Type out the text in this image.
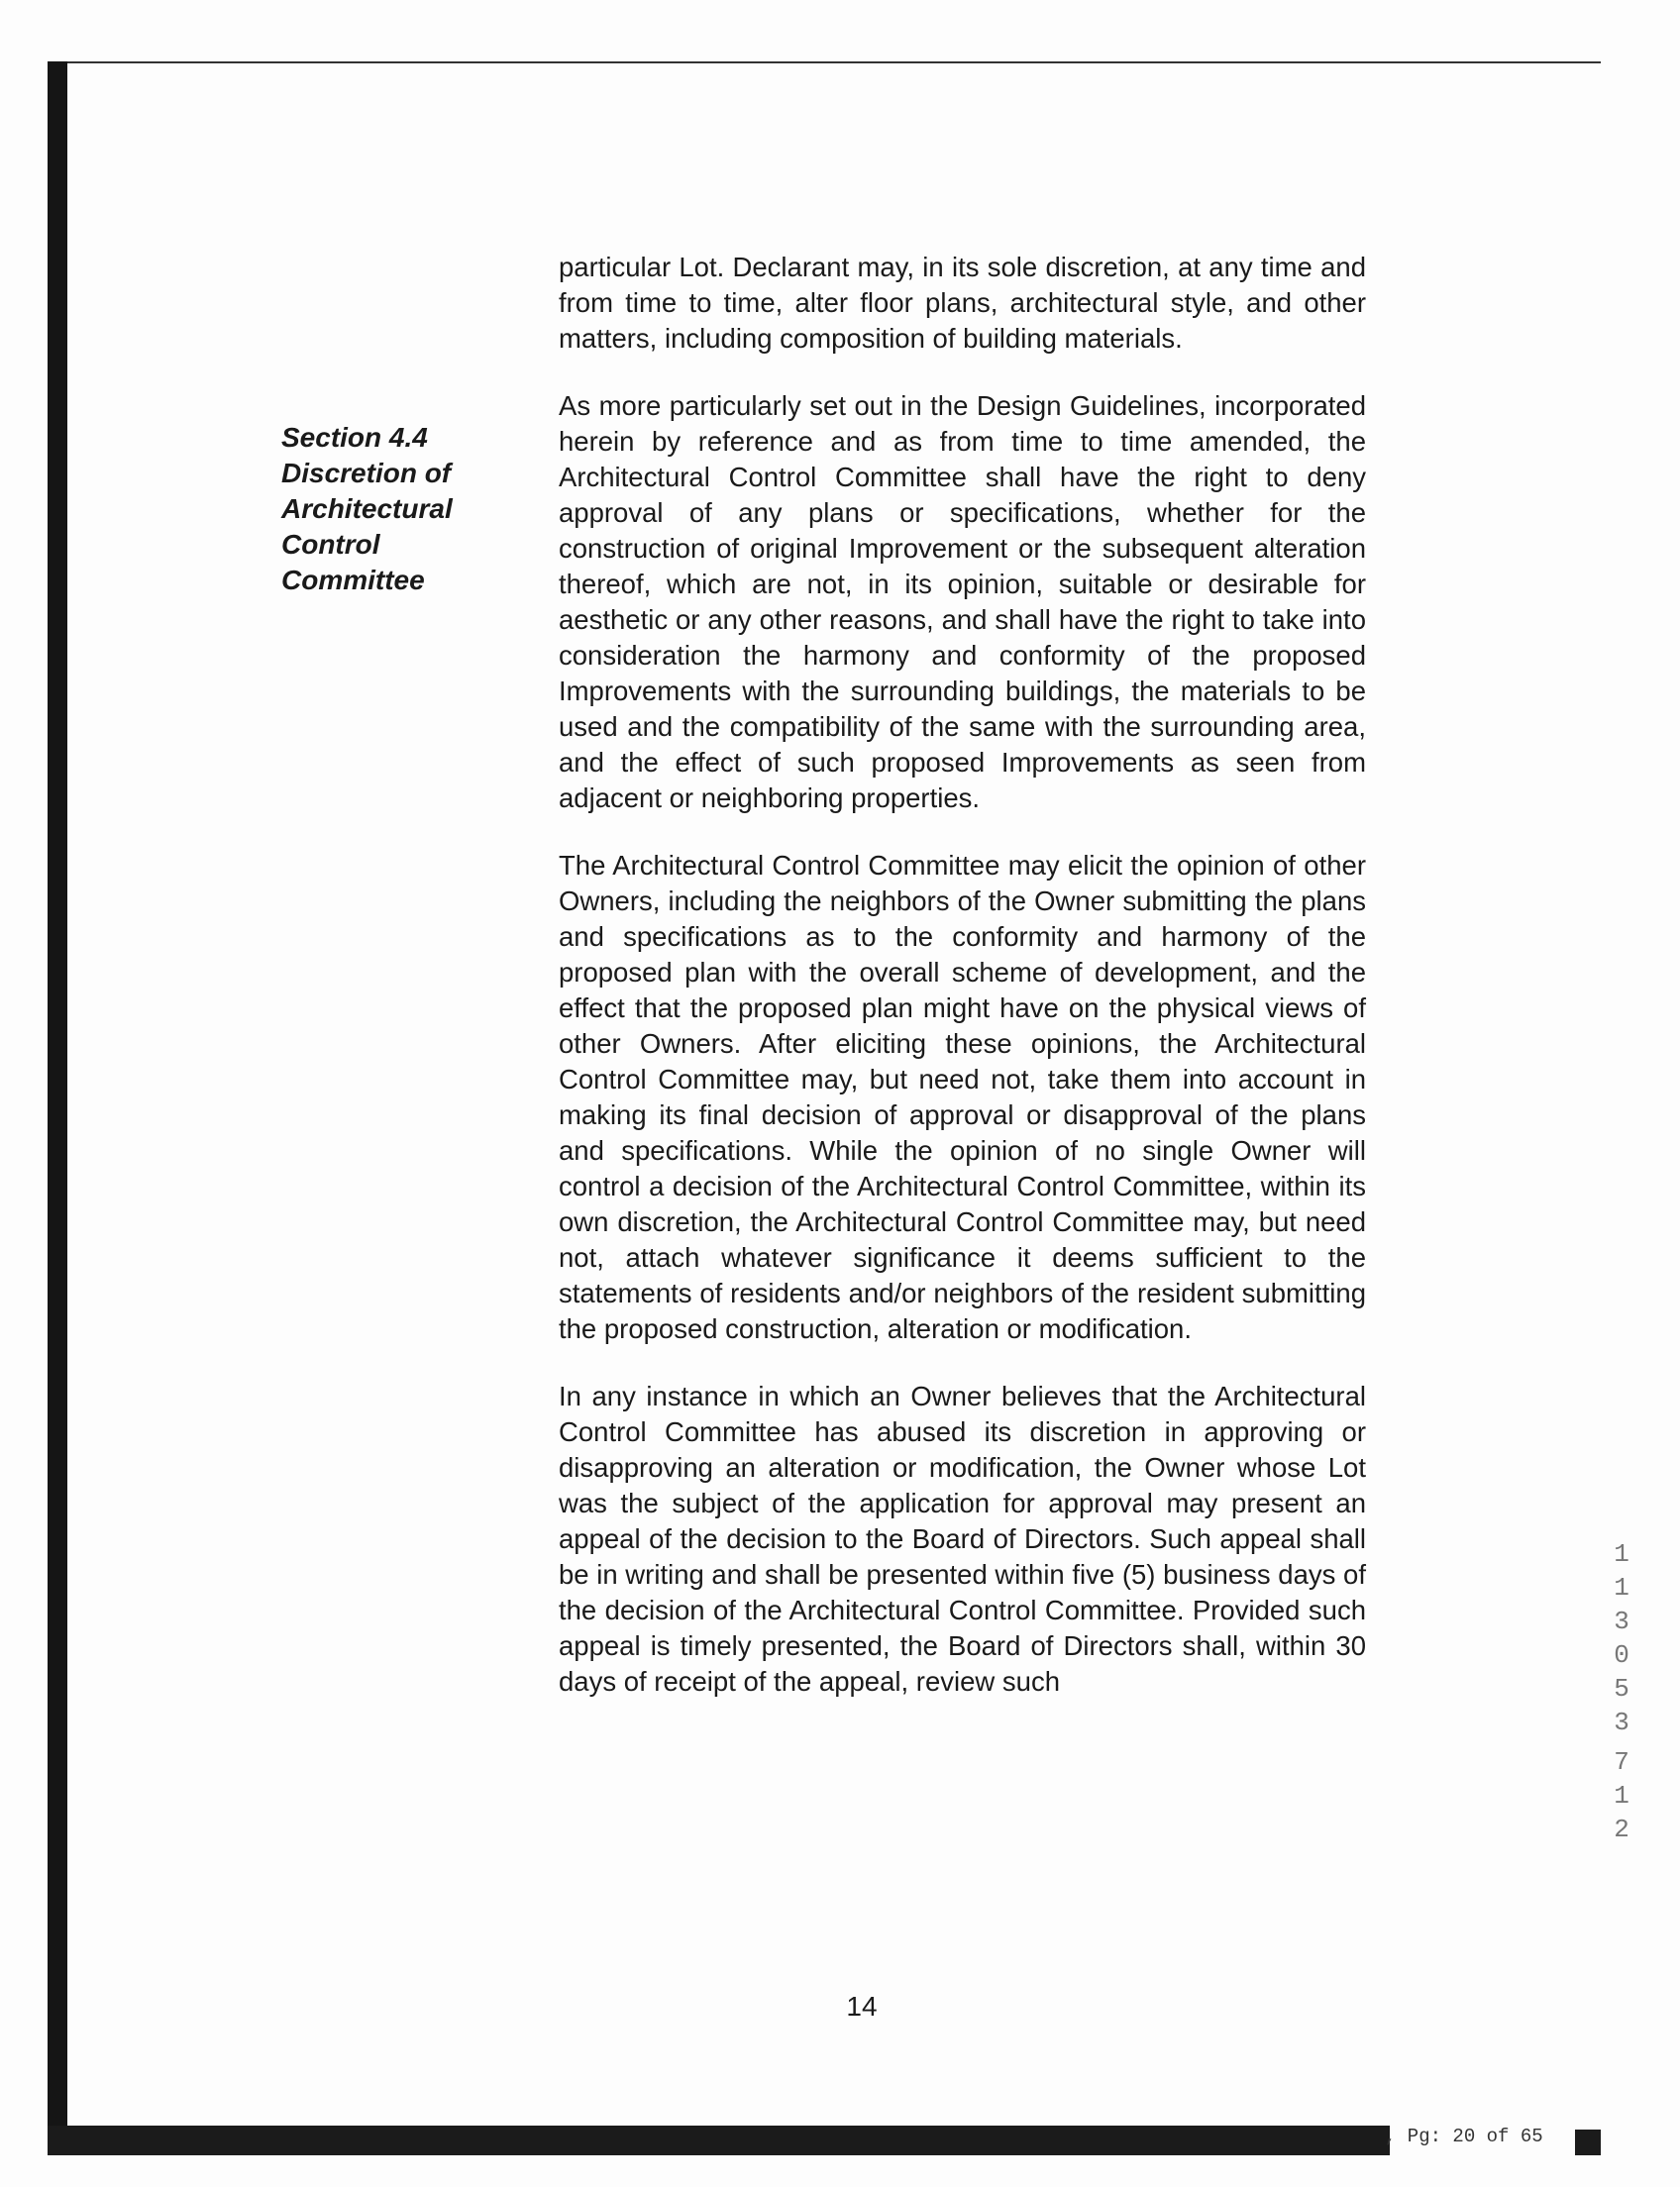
, Pg: 20 of 65
1
1
3
0
5
3
7
1
2
Section 4.4
Discretion of
Architectural
Control
Committee

particular Lot. Declarant may, in its sole discretion, at any time and from time to time, alter floor plans, architectural style, and other matters, including composition of building materials.

As more particularly set out in the Design Guidelines, incorporated herein by reference and as from time to time amended, the Architectural Control Committee shall have the right to deny approval of any plans or specifications, whether for the construction of original Improvement or the subsequent alteration thereof, which are not, in its opinion, suitable or desirable for aesthetic or any other reasons, and shall have the right to take into consideration the harmony and conformity of the proposed Improvements with the surrounding buildings, the materials to be used and the compatibility of the same with the surrounding area, and the effect of such proposed Improvements as seen from adjacent or neighboring properties.

The Architectural Control Committee may elicit the opinion of other Owners, including the neighbors of the Owner submitting the plans and specifications as to the conformity and harmony of the proposed plan with the overall scheme of development, and the effect that the proposed plan might have on the physical views of other Owners. After eliciting these opinions, the Architectural Control Committee may, but need not, take them into account in making its final decision of approval or disapproval of the plans and specifications. While the opinion of no single Owner will control a decision of the Architectural Control Committee, within its own discretion, the Architectural Control Committee may, but need not, attach whatever significance it deems sufficient to the statements of residents and/or neighbors of the resident submitting the proposed construction, alteration or modification.

In any instance in which an Owner believes that the Architectural Control Committee has abused its discretion in approving or disapproving an alteration or modification, the Owner whose Lot was the subject of the application for approval may present an appeal of the decision to the Board of Directors. Such appeal shall be in writing and shall be presented within five (5) business days of the decision of the Architectural Control Committee. Provided such appeal is timely presented, the Board of Directors shall, within 30 days of receipt of the appeal, review such

14
